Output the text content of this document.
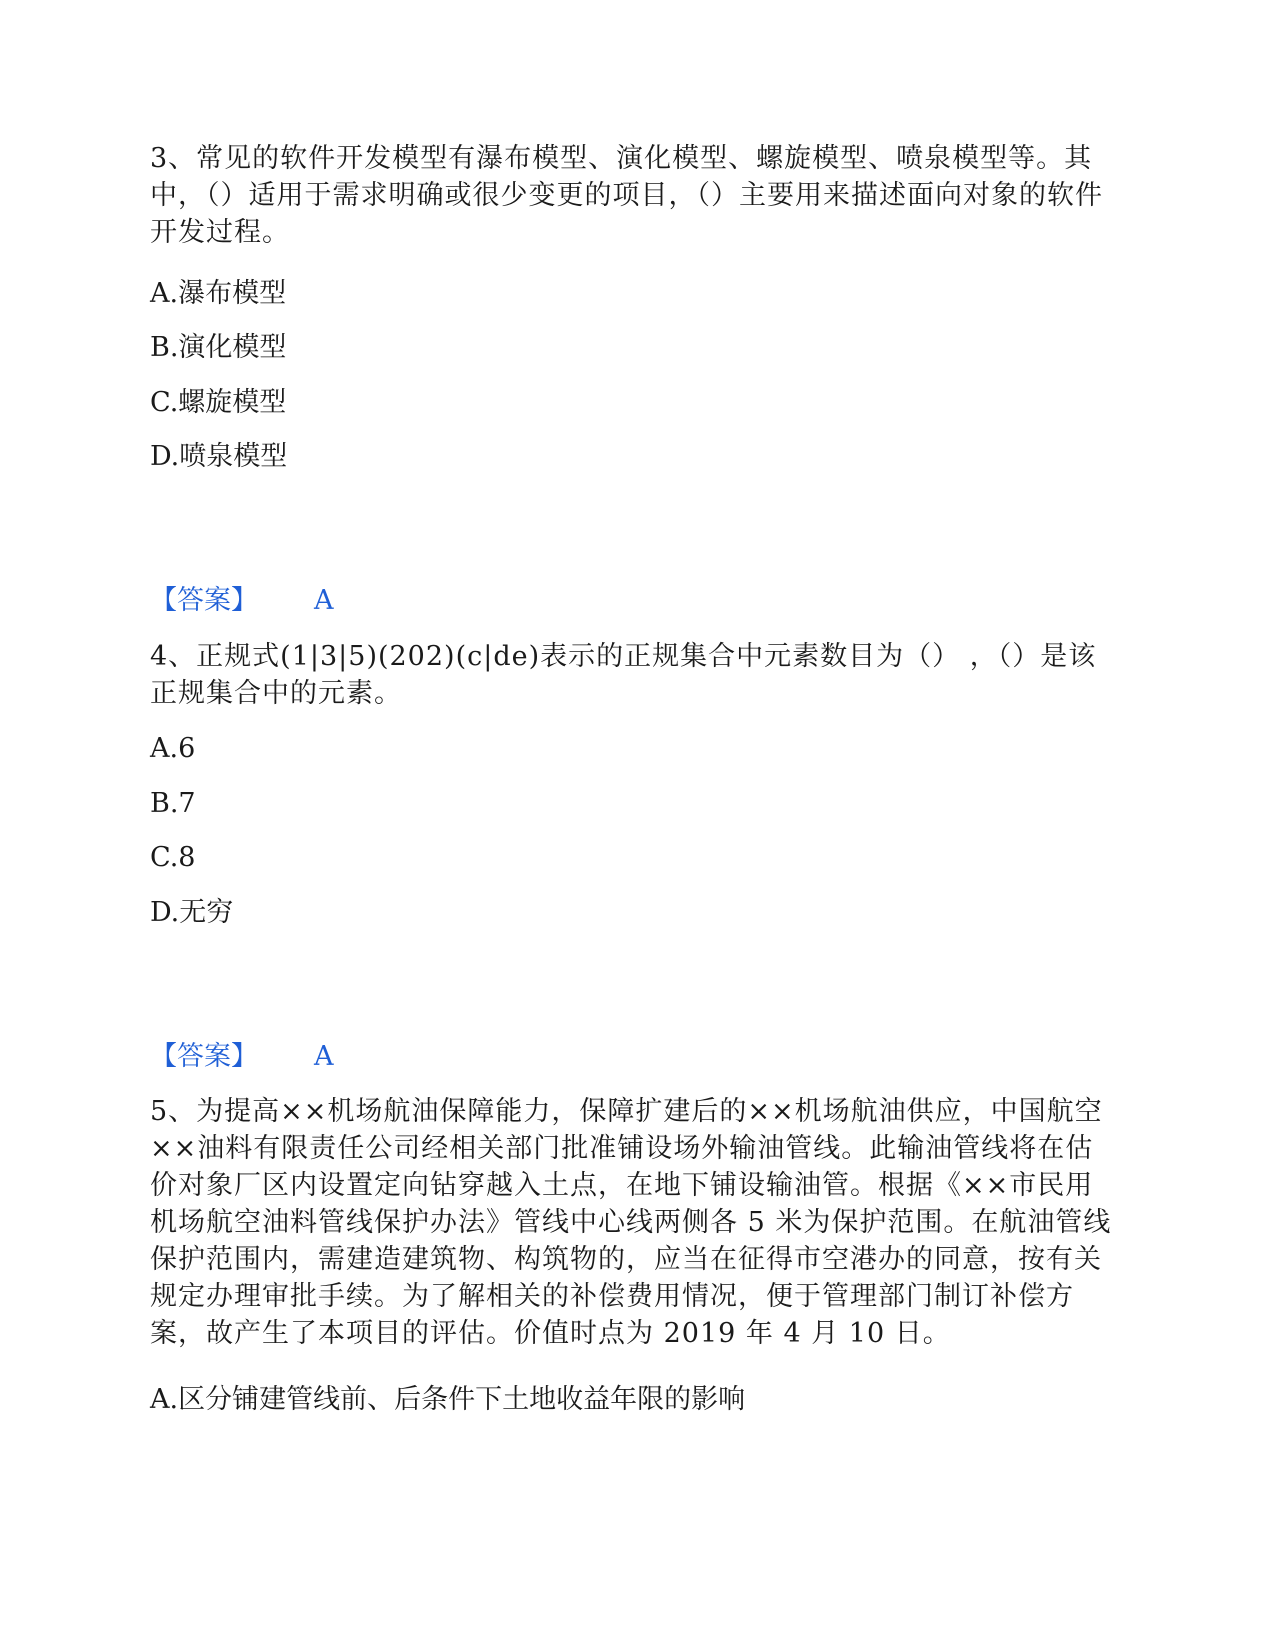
3、常见的软件开发模型有瀑布模型、演化模型、螺旋模型、喷泉模型等。其中，（）适用于需求明确或很少变更的项目，（）主要用来描述面向对象的软件开发过程。

A.瀑布模型

B.演化模型

C.螺旋模型

D.喷泉模型

【答案】 A

4、正规式(1|3|5)(202)(c|de)表示的正规集合中元素数目为（） ，（）是该正规集合中的元素。

A.6

B.7

C.8

D.无穷

【答案】 A

5、为提高××机场航油保障能力，保障扩建后的××机场航油供应，中国航空××油料有限责任公司经相关部门批准铺设场外输油管线。此输油管线将在估价对象厂区内设置定向钻穿越入土点，在地下铺设输油管。根据《××市民用机场航空油料管线保护办法》管线中心线两侧各 5 米为保护范围。在航油管线保护范围内，需建造建筑物、构筑物的，应当在征得市空港办的同意，按有关规定办理审批手续。为了解相关的补偿费用情况，便于管理部门制订补偿方案，故产生了本项目的评估。价值时点为 2019 年 4 月 10 日。

A.区分铺建管线前、后条件下土地收益年限的影响
